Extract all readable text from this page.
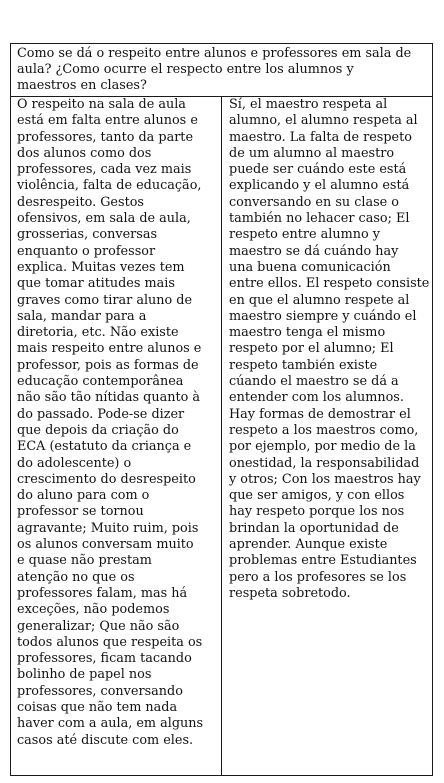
Como se dá o respeito entre alunos e professores em sala de
aula? ¿Como ocurre el respecto entre los alumnos y
maestros en clases?
O respeito na sala de aula
está em falta entre alunos e
professores, tanto da parte
dos alunos como dos
professores, cada vez mais
violência, falta de educação,
desrespeito. Gestos
ofensivos, em sala de aula,
grosserias, conversas
enquanto o professor
explica. Muitas vezes tem
que tomar atitudes mais
graves como tirar aluno de
sala, mandar para a
diretoria, etc. Não existe
mais respeito entre alunos e
professor, pois as formas de
educação contemporânea
não são tão nítidas quanto à
do passado. Pode-se dizer
que depois da criação do
ECA (estatuto da criança e
do adolescente) o
crescimento do desrespeito
do aluno para com o
professor se tornou
agravante; Muito ruim, pois
os alunos conversam muito
e quase não prestam
atenção no que os
professores falam, mas há
exceções, não podemos
generalizar; Que não são
todos alunos que respeita os
professores, ficam tacando
bolinho de papel nos
professores, conversando
coisas que não tem nada
haver com a aula, em alguns
casos até discute com eles.
Sí, el maestro respeta al
alumno, el alumno respeta al
maestro. La falta de respeto
de um alumno al maestro
puede ser cuándo este está
explicando y el alumno está
conversando en su clase o
también no lehacer caso; El
respeto entre alumno y
maestro se dá cuándo hay
una buena comunicación
entre ellos. El respeto consiste
en que el alumno respete al
maestro siempre y cuándo el
maestro tenga el mismo
respeto por el alumno; El
respeto también existe
cúando el maestro se dá a
entender com los alumnos.
Hay formas de demostrar el
respeto a los maestros como,
por ejemplo, por medio de la
onestidad, la responsabilidad
y otros; Con los maestros hay
que ser amigos, y con ellos
hay respeto porque los nos
brindan la oportunidad de
aprender. Aunque existe
problemas entre Estudiantes
pero a los profesores se los
respeta sobretodo.
